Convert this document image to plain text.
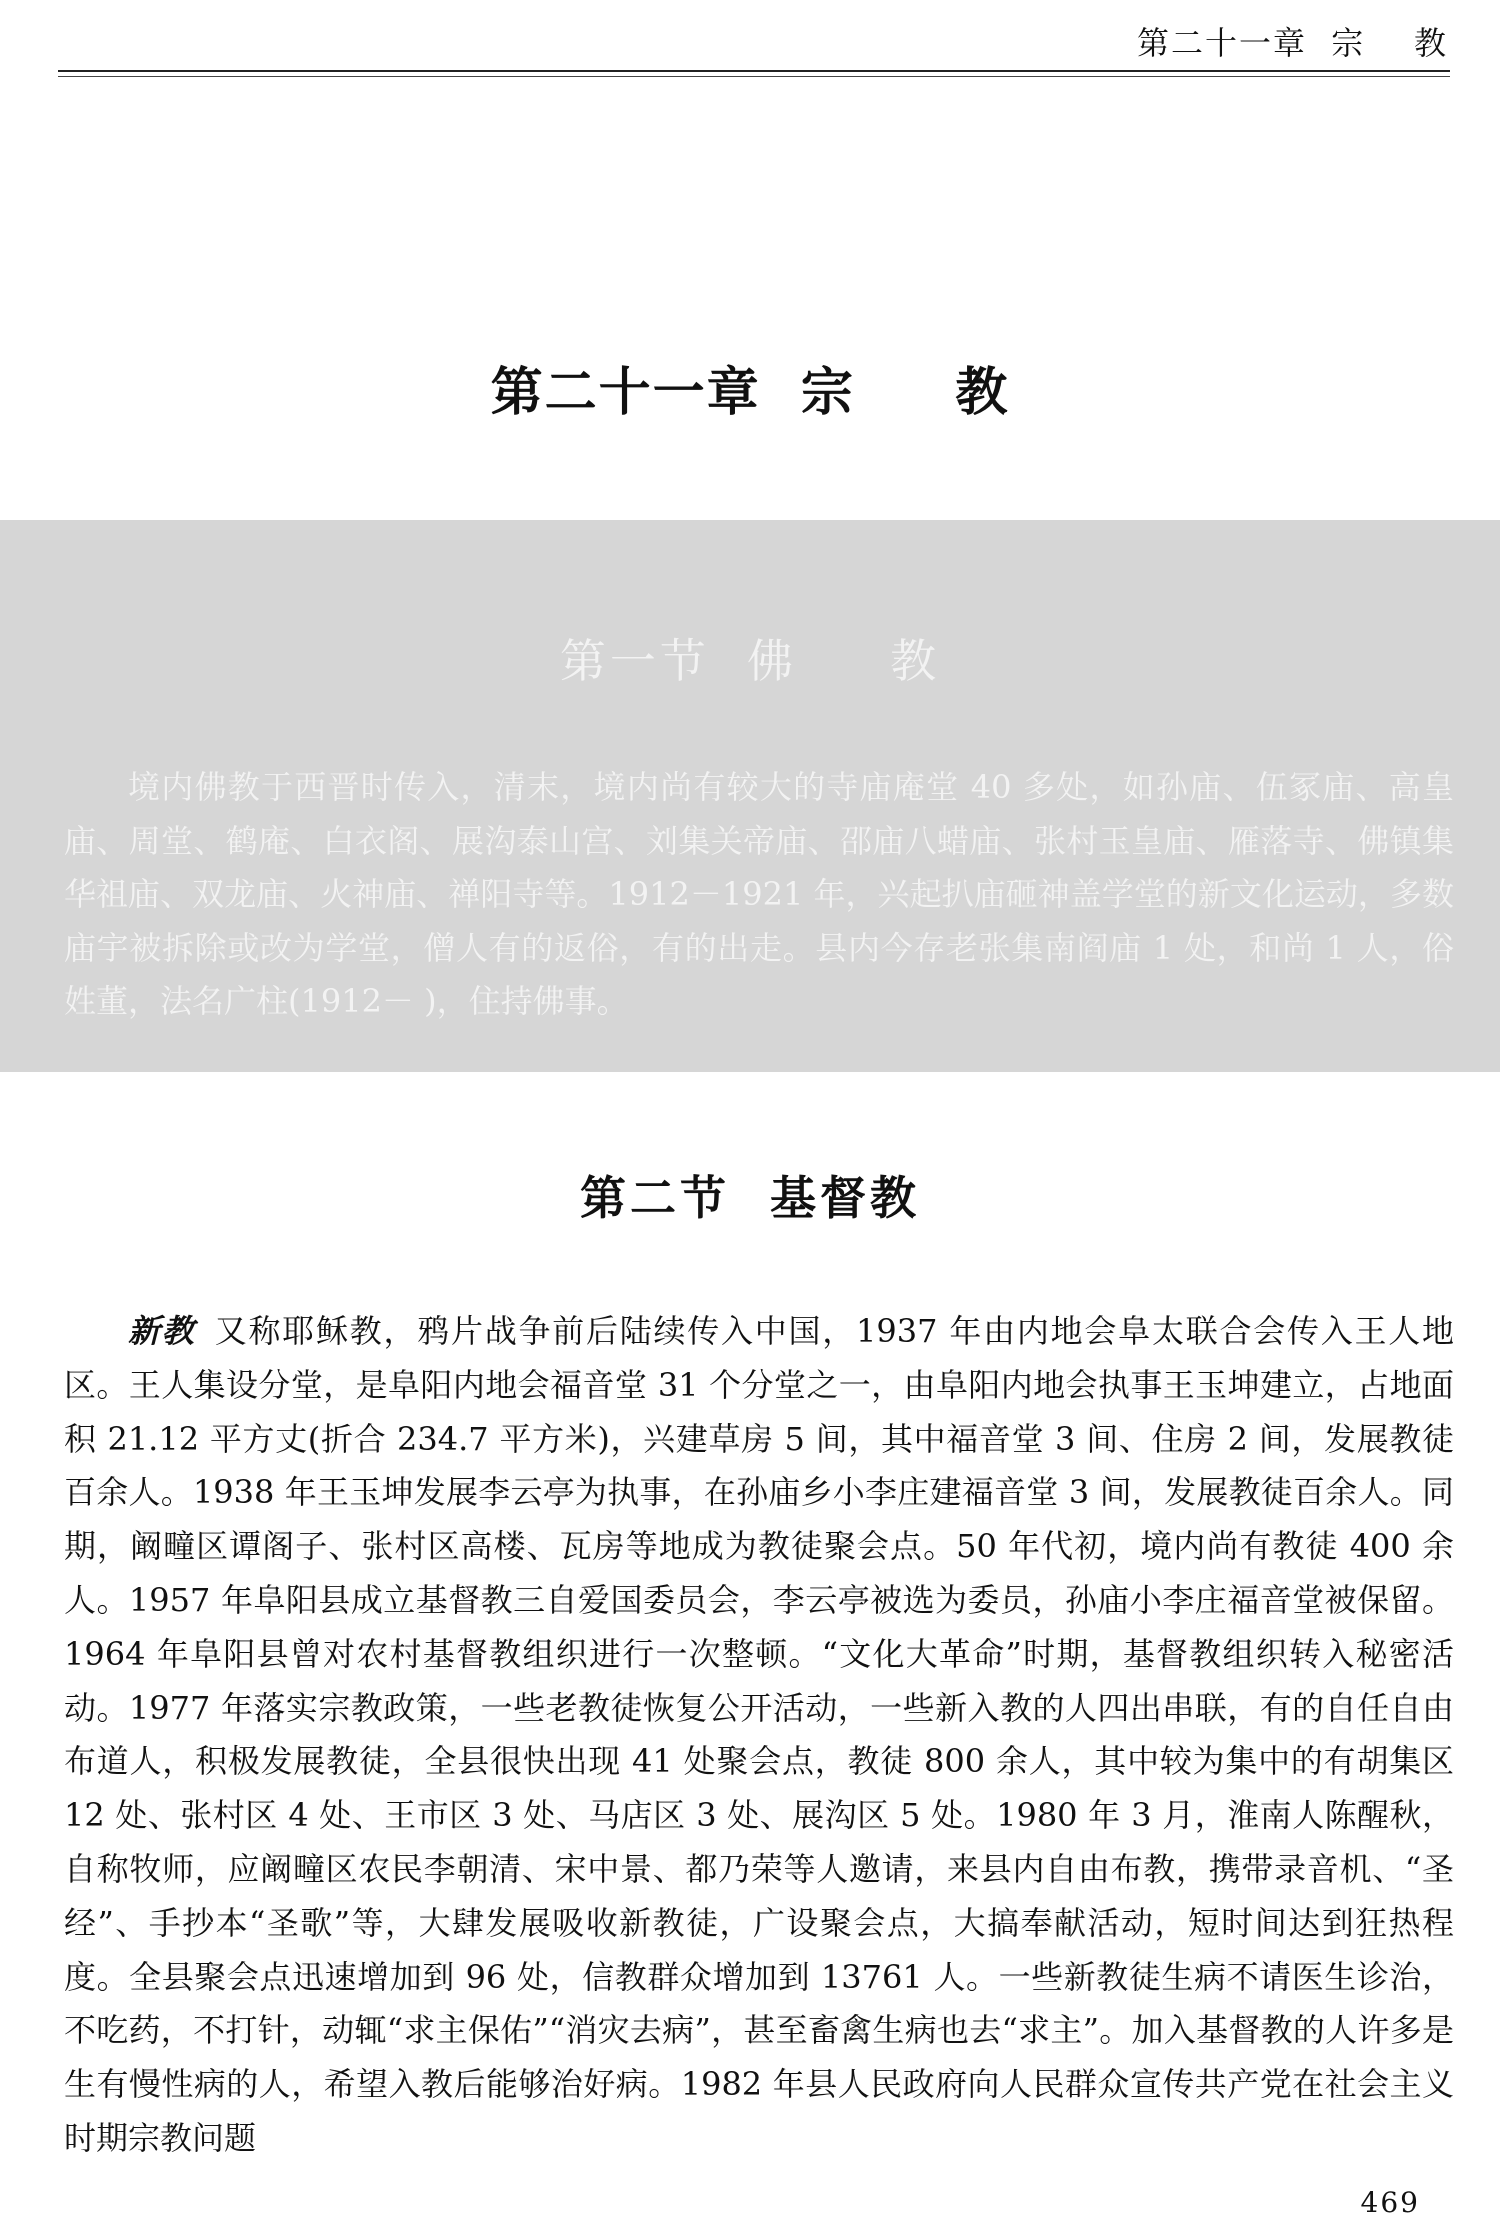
第二十一章  宗    教
第二十一章  宗     教
第一节  佛     教

境内佛教于西晋时传入，清末，境内尚有较大的寺庙庵堂 40 多处，如孙庙、伍冢庙、高皇庙、周堂、鹤庵、白衣阁、展沟泰山宫、刘集关帝庙、邵庙八蜡庙、张村玉皇庙、雁落寺、佛镇集华祖庙、双龙庙、火神庙、禅阳寺等。1912－1921 年，兴起扒庙砸神盖学堂的新文化运动，多数庙宇被拆除或改为学堂，僧人有的返俗，有的出走。县内今存老张集南阎庙 1 处，和尚 1 人，俗姓董，法名广柱(1912－ )，住持佛事。

第二节  基督教

新教 又称耶稣教，鸦片战争前后陆续传入中国，1937 年由内地会阜太联合会传入王人地区。王人集设分堂，是阜阳内地会福音堂 31 个分堂之一，由阜阳内地会执事王玉坤建立，占地面积 21.12 平方丈(折合 234.7 平方米)，兴建草房 5 间，其中福音堂 3 间、住房 2 间，发展教徒百余人。1938 年王玉坤发展李云亭为执事，在孙庙乡小李庄建福音堂 3 间，发展教徒百余人。同期，阚疃区谭阁子、张村区高楼、瓦房等地成为教徒聚会点。50 年代初，境内尚有教徒 400 余人。1957 年阜阳县成立基督教三自爱国委员会，李云亭被选为委员，孙庙小李庄福音堂被保留。1964 年阜阳县曾对农村基督教组织进行一次整顿。“文化大革命”时期，基督教组织转入秘密活动。1977 年落实宗教政策，一些老教徒恢复公开活动，一些新入教的人四出串联，有的自任自由布道人，积极发展教徒，全县很快出现 41 处聚会点，教徒 800 余人，其中较为集中的有胡集区 12 处、张村区 4 处、王市区 3 处、马店区 3 处、展沟区 5 处。1980 年 3 月，淮南人陈醒秋，自称牧师，应阚疃区农民李朝清、宋中景、都乃荣等人邀请，来县内自由布教，携带录音机、“圣经”、手抄本“圣歌”等，大肆发展吸收新教徒，广设聚会点，大搞奉献活动，短时间达到狂热程度。全县聚会点迅速增加到 96 处，信教群众增加到 13761 人。一些新教徒生病不请医生诊治，不吃药，不打针，动辄“求主保佑”“消灾去病”，甚至畜禽生病也去“求主”。加入基督教的人许多是生有慢性病的人，希望入教后能够治好病。1982 年县人民政府向人民群众宣传共产党在社会主义时期宗教问题

469
